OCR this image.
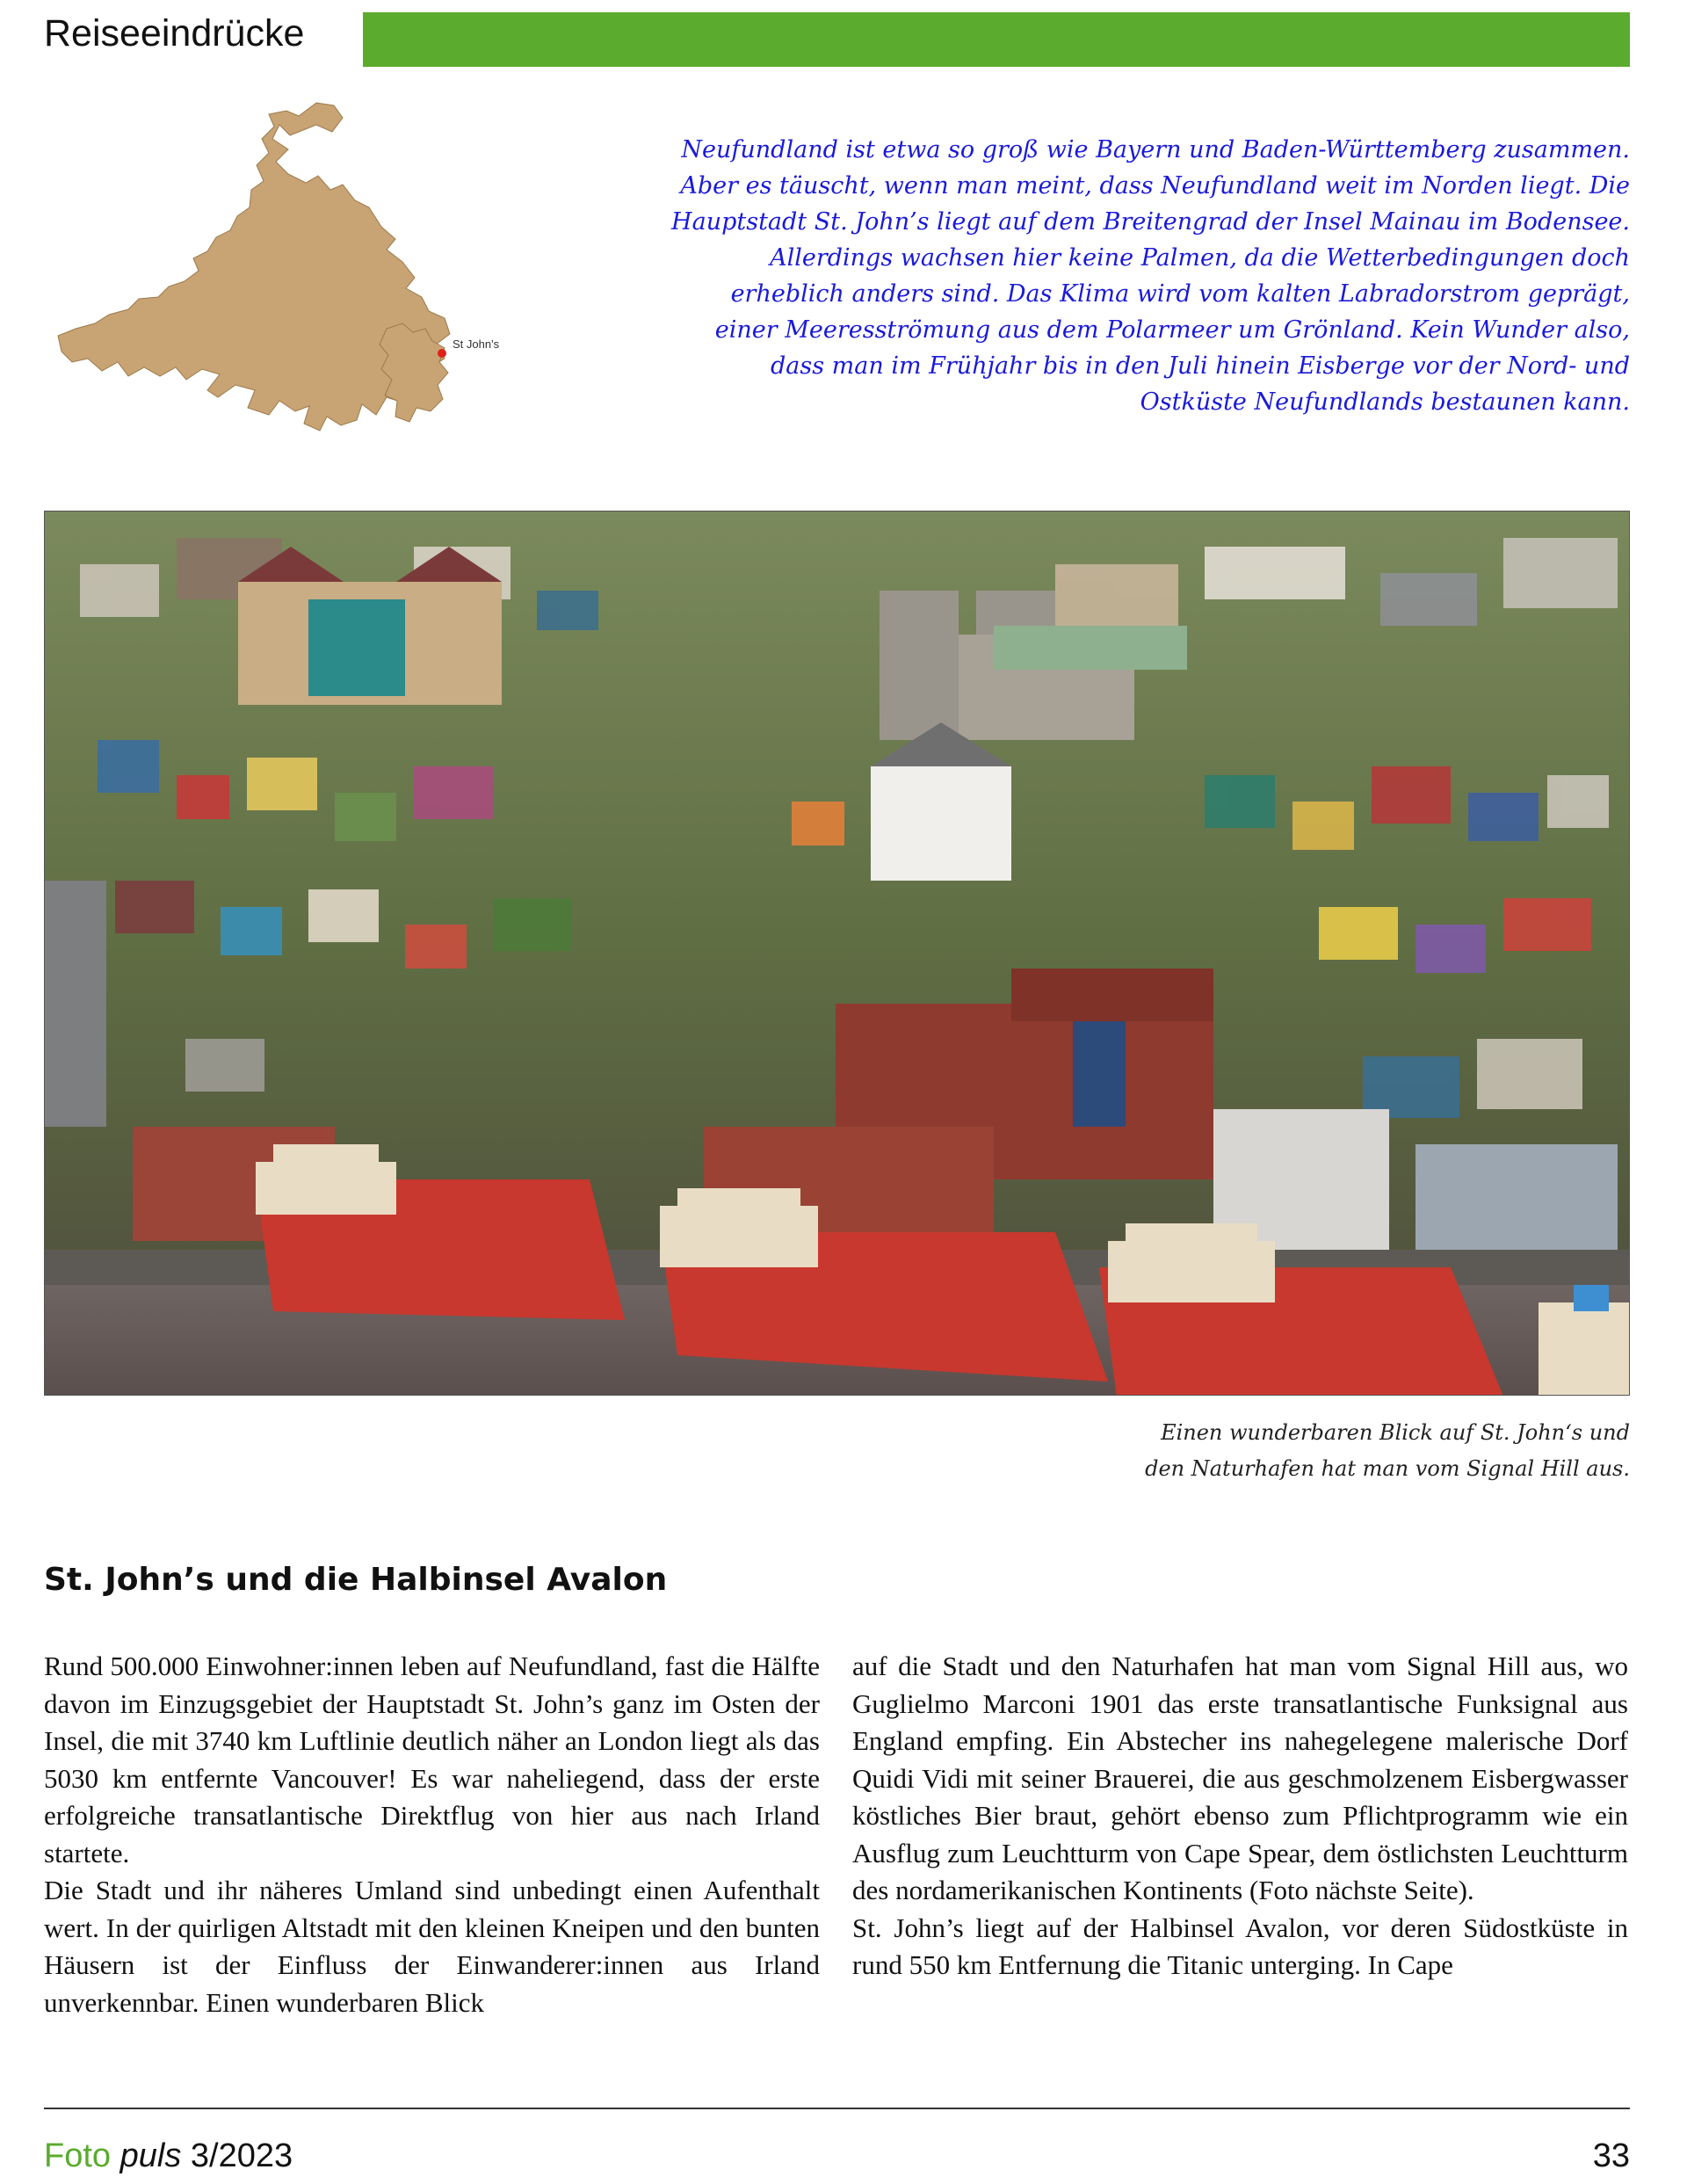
Reiseeindrücke
St John's
Neufundland ist etwa so groß wie Bayern und Baden-Württemberg zusammen. Aber es täuscht, wenn man meint, dass Neufundland weit im Norden liegt. Die Hauptstadt St. John’s liegt auf dem Breitengrad der Insel Mainau im Bodensee. Allerdings wachsen hier keine Palmen, da die Wetterbedingungen doch erheblich anders sind. Das Klima wird vom kalten Labradorstrom geprägt, einer Meeresströmung aus dem Polarmeer um Grönland. Kein Wunder also, dass man im Frühjahr bis in den Juli hinein Eisberge vor der Nord- und Ostküste Neufundlands bestaunen kann.
Einen wunderbaren Blick auf St. John‘s und
den Naturhafen hat man vom Signal Hill aus.
St. John’s und die Halbinsel Avalon

Rund 500.000 Einwohner:innen leben auf Neufundland, fast die Hälfte davon im Einzugsgebiet der Hauptstadt St. John’s ganz im Osten der Insel, die mit 3740 km Luftlinie deutlich näher an London liegt als das 5030 km entfernte Vancouver! Es war naheliegend, dass der erste erfolgreiche transatlantische Direktflug von hier aus nach Irland startete.

Die Stadt und ihr näheres Umland sind unbedingt einen Aufenthalt wert. In der quirligen Altstadt mit den kleinen Kneipen und den bunten Häusern ist der Einfluss der Einwanderer:innen aus Irland unverkennbar. Einen wunderbaren Blick

auf die Stadt und den Naturhafen hat man vom Signal Hill aus, wo Guglielmo Marconi 1901 das erste transatlantische Funksignal aus England empfing. Ein Abstecher ins nahegelegene malerische Dorf Quidi Vidi mit seiner Brauerei, die aus geschmolzenem Eisbergwasser köstliches Bier braut, gehört ebenso zum Pflichtprogramm wie ein Ausflug zum Leuchtturm von Cape Spear, dem östlichsten Leuchtturm des nordamerikanischen Kontinents (Foto nächste Seite).

St. John’s liegt auf der Halbinsel Avalon, vor deren Südostküste in rund 550 km Entfernung die Titanic unterging. In Cape

Foto puls 3/2023	33
